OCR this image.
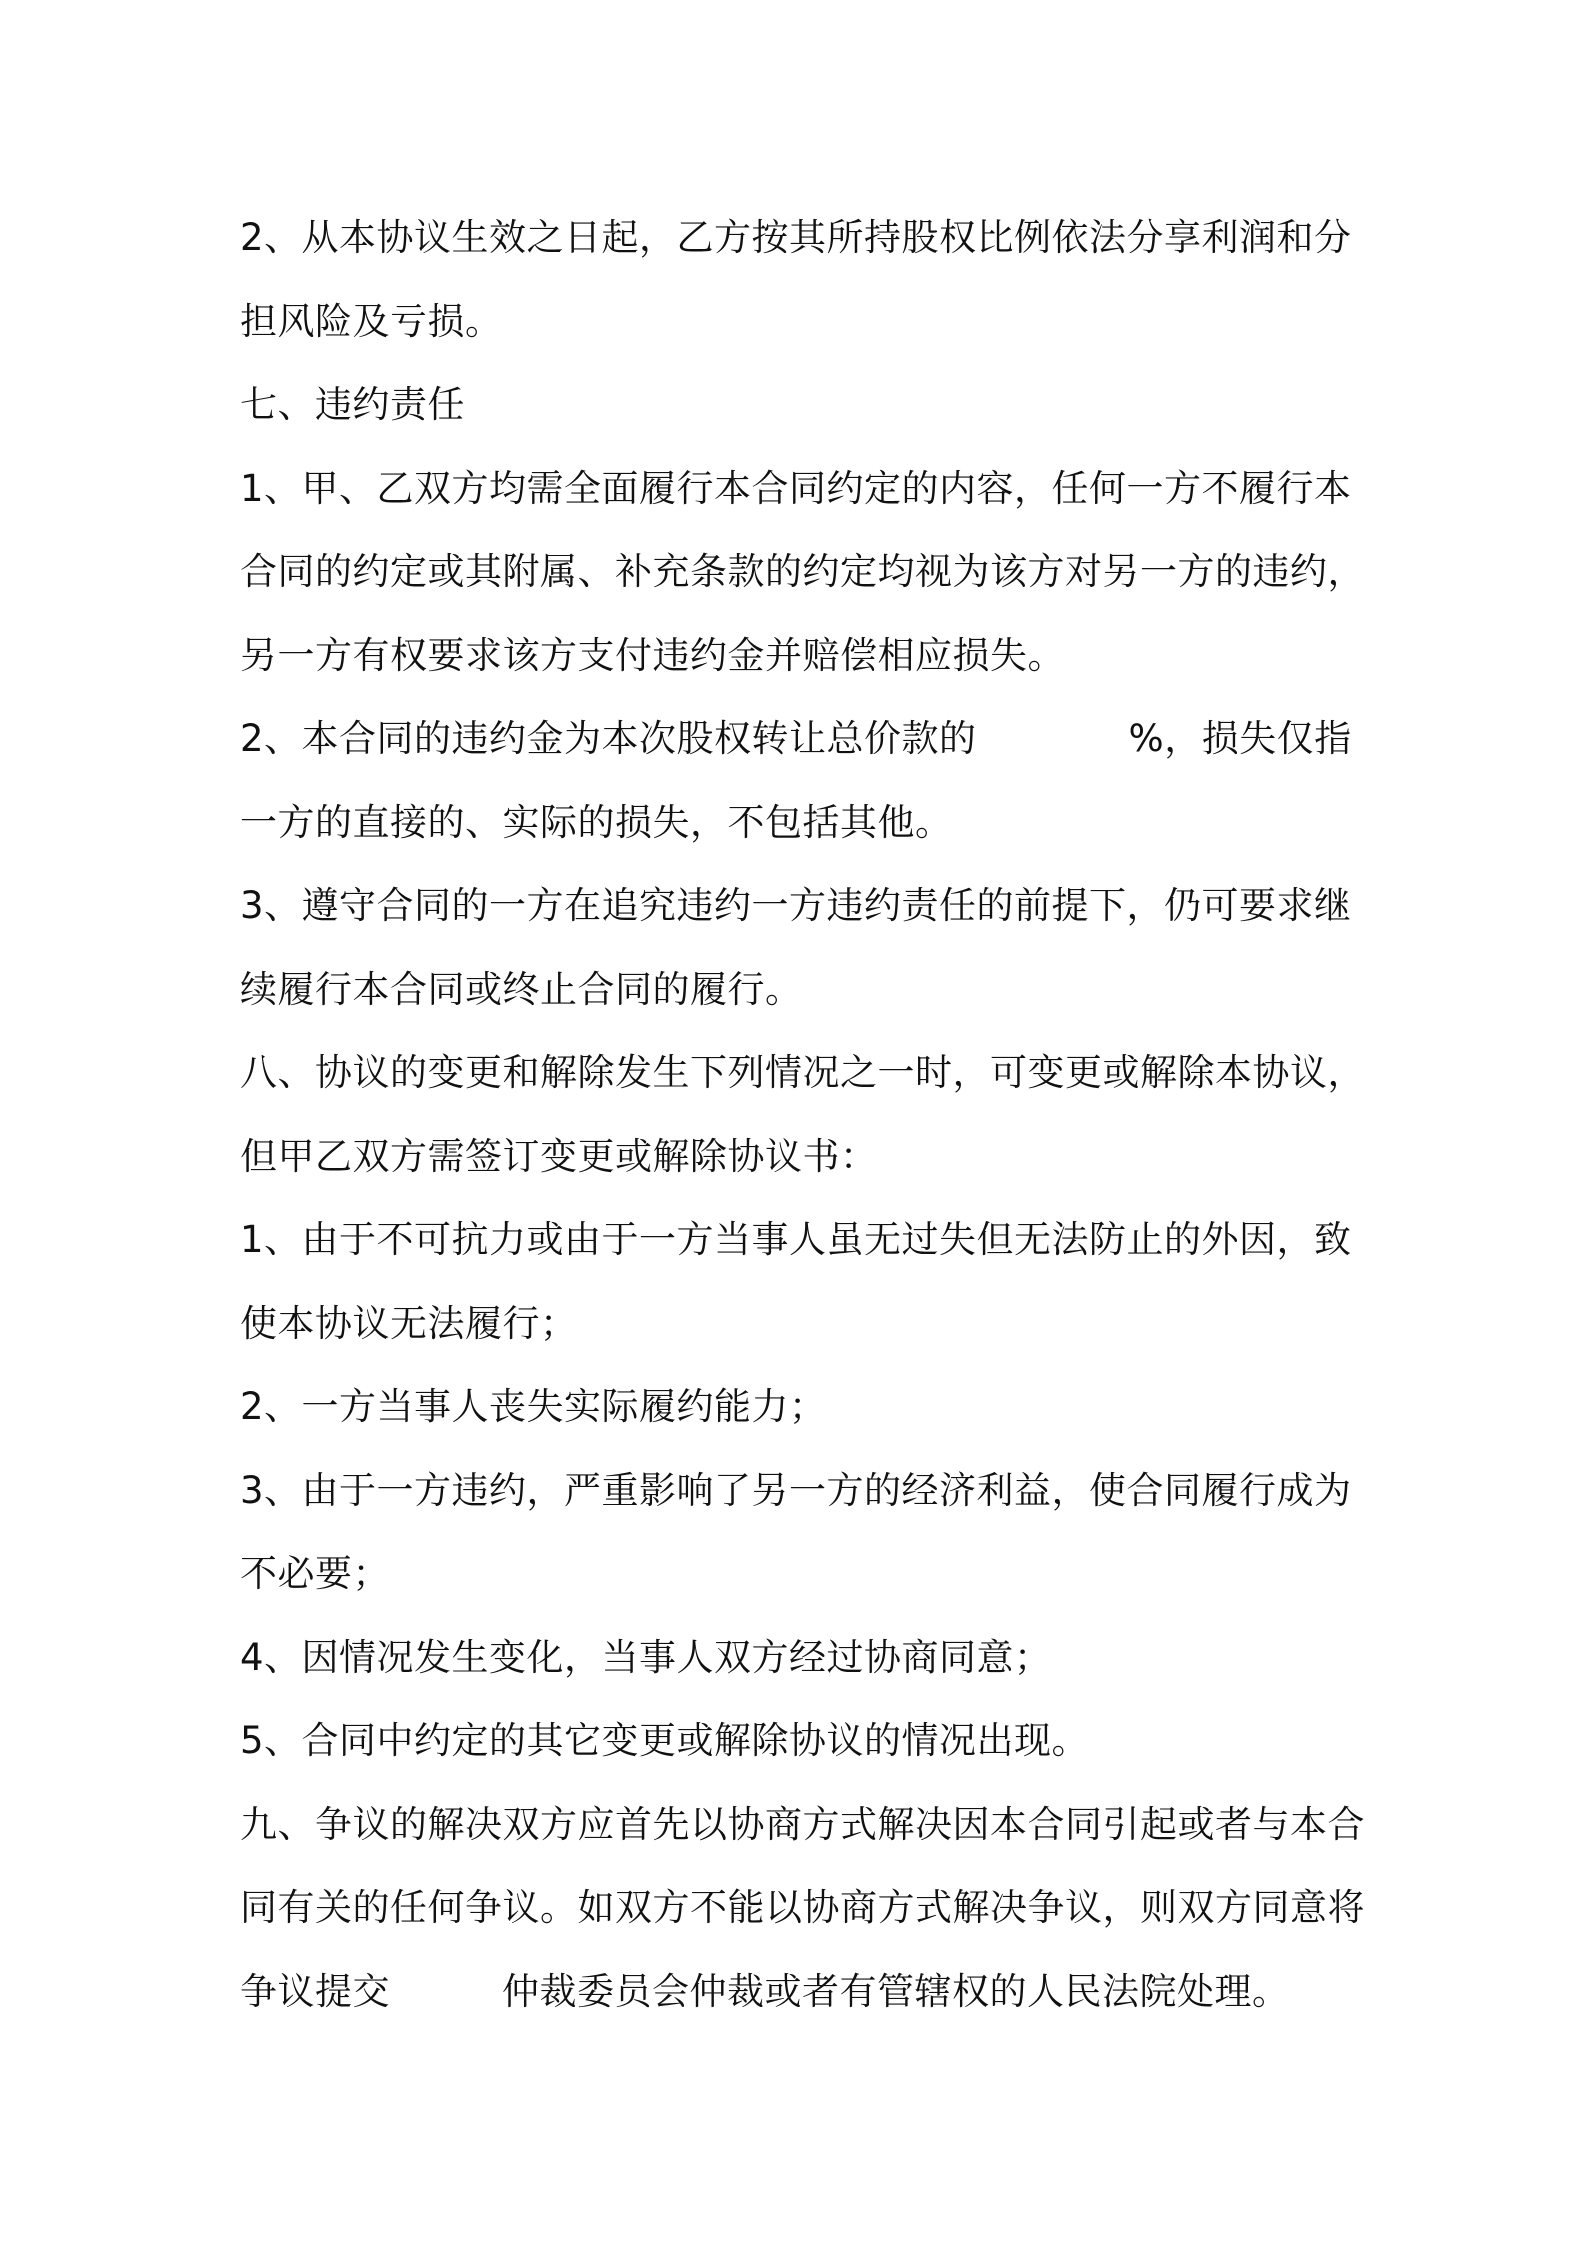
2、从本协议生效之日起，乙方按其所持股权比例依法分享利润和分
担风险及亏损。
七、违约责任
1、甲、乙双方均需全面履行本合同约定的内容，任何一方不履行本
合同的约定或其附属、补充条款的约定均视为该方对另一方的违约，
另一方有权要求该方支付违约金并赔偿相应损失。
2、本合同的违约金为本次股权转让总价款的	%，损失仅指
一方的直接的、实际的损失，不包括其他。
3、遵守合同的一方在追究违约一方违约责任的前提下，仍可要求继
续履行本合同或终止合同的履行。
八、协议的变更和解除发生下列情况之一时，可变更或解除本协议，
但甲乙双方需签订变更或解除协议书：
1、由于不可抗力或由于一方当事人虽无过失但无法防止的外因，致
使本协议无法履行；
2、一方当事人丧失实际履约能力；
3、由于一方违约，严重影响了另一方的经济利益，使合同履行成为
不必要；
4、因情况发生变化，当事人双方经过协商同意；
5、合同中约定的其它变更或解除协议的情况出现。
九、争议的解决双方应首先以协商方式解决因本合同引起或者与本合
同有关的任何争议。如双方不能以协商方式解决争议，则双方同意将
争议提交	仲裁委员会仲裁或者有管辖权的人民法院处理。
